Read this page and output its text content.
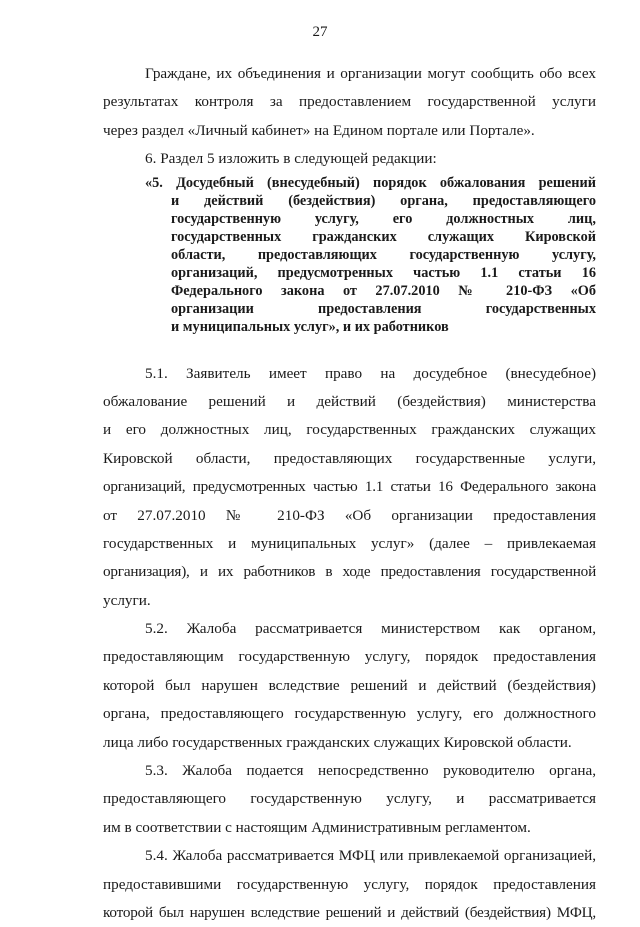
27
Граждане, их объединения и организации могут сообщить обо всех
результатах контроля за предоставлением государственной услуги
через раздел «Личный кабинет» на Едином портале или Портале».
6. Раздел 5 изложить в следующей редакции:
«5. Досудебный (внесудебный) порядок обжалования решений
и действий (бездействия) органа, предоставляющего
государственную услугу, его должностных лиц,
государственных гражданских служащих Кировской
области, предоставляющих государственную услугу,
организаций, предусмотренных частью 1.1 статьи 16
Федерального закона от 27.07.2010 № 210-ФЗ «Об
организации предоставления государственных
и муниципальных услуг», и их работников
5.1. Заявитель имеет право на досудебное (внесудебное)
обжалование решений и действий (бездействия) министерства
и его должностных лиц, государственных гражданских служащих
Кировской области, предоставляющих государственные услуги,
организаций, предусмотренных частью 1.1 статьи 16 Федерального закона
от 27.07.2010 № 210-ФЗ «Об организации предоставления
государственных и муниципальных услуг» (далее – привлекаемая
организация), и их работников в ходе предоставления государственной
услуги.
5.2. Жалоба рассматривается министерством как органом,
предоставляющим государственную услугу, порядок предоставления
которой был нарушен вследствие решений и действий (бездействия)
органа, предоставляющего государственную услугу, его должностного
лица либо государственных гражданских служащих Кировской области.
5.3. Жалоба подается непосредственно руководителю органа,
предоставляющего государственную услугу, и рассматривается
им в соответствии с настоящим Административным регламентом.
5.4. Жалоба рассматривается МФЦ или привлекаемой организацией,
предоставившими государственную услугу, порядок предоставления
которой был нарушен вследствие решений и действий (бездействия) МФЦ,
